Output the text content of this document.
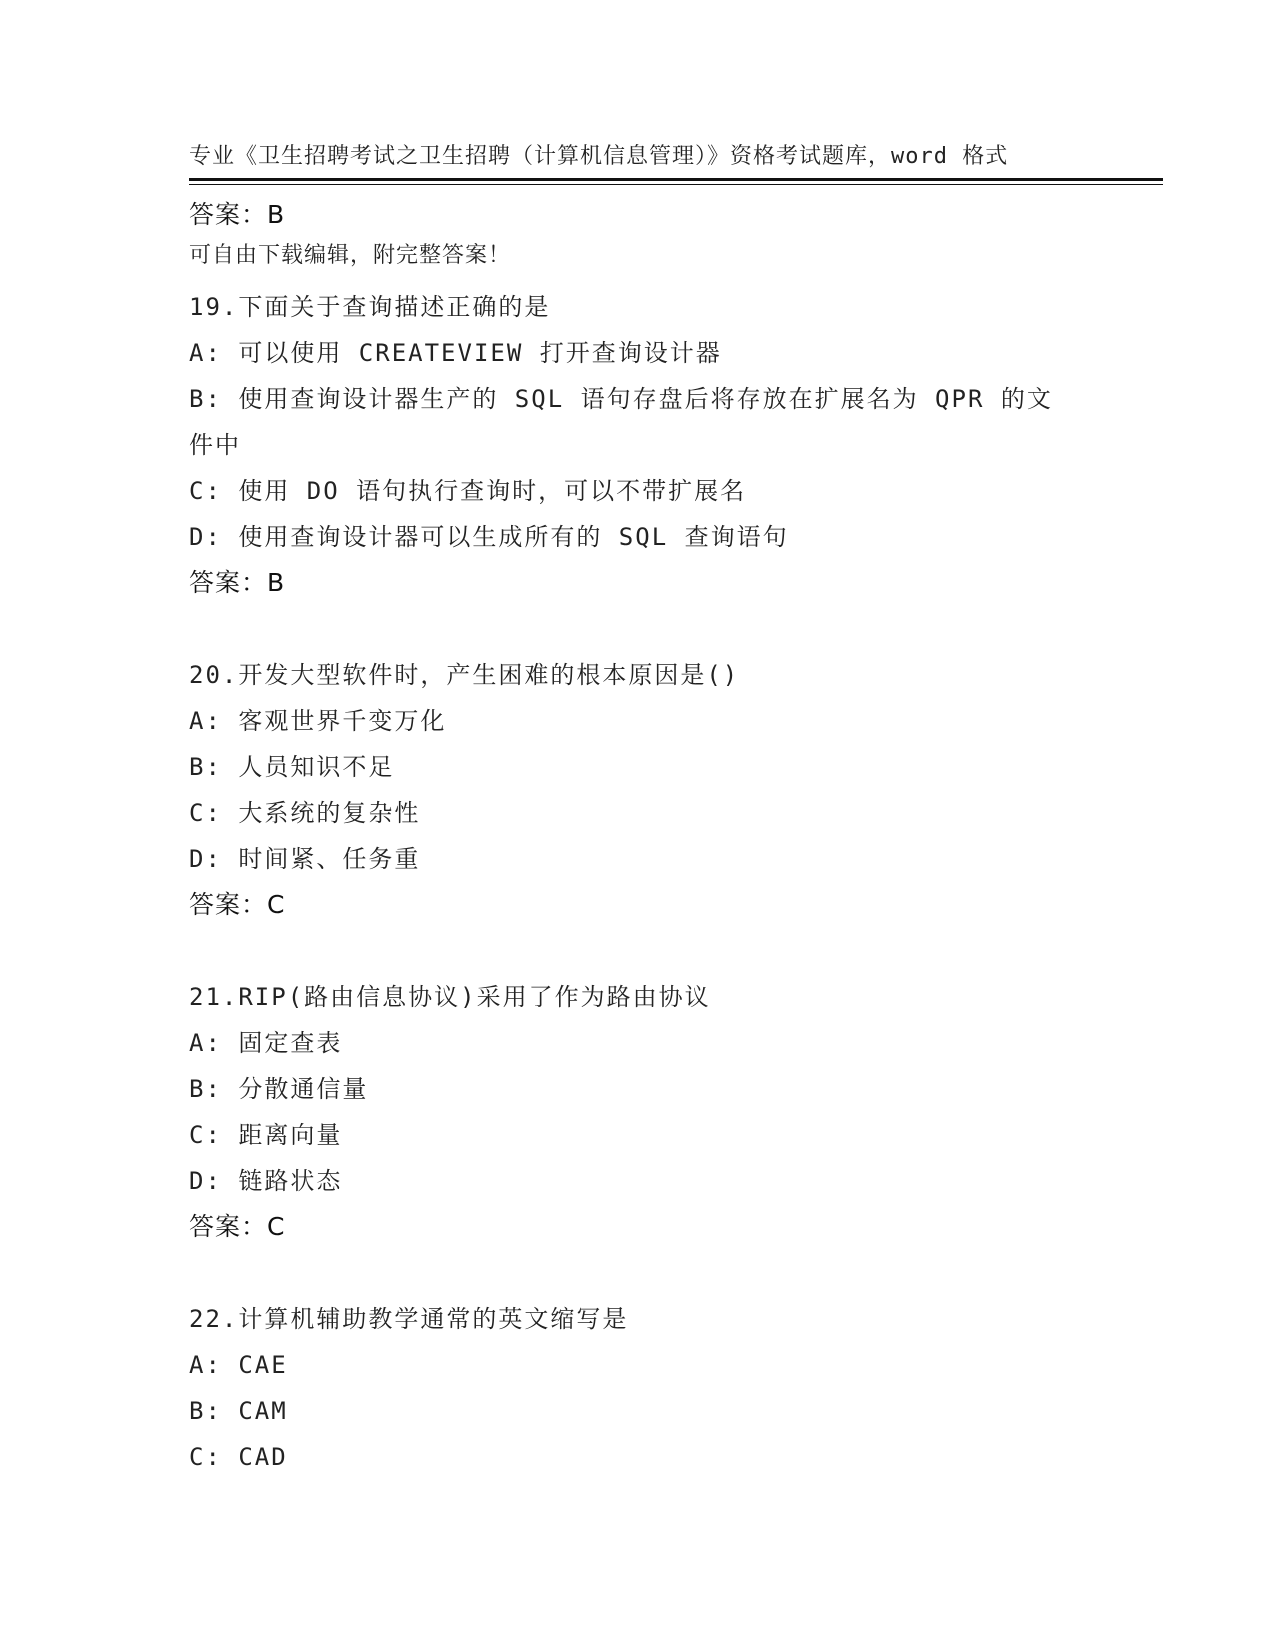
专业《卫生招聘考试之卫生招聘（计算机信息管理）》资格考试题库，word 格式

可自由下载编辑，附完整答案！

答案：B

19.下面关于查询描述正确的是

A: 可以使用 CREATEVIEW 打开查询设计器

B: 使用查询设计器生产的 SQL 语句存盘后将存放在扩展名为 QPR 的文

件中

C: 使用 DO 语句执行查询时，可以不带扩展名

D: 使用查询设计器可以生成所有的 SQL 查询语句

答案：B

20.开发大型软件时，产生困难的根本原因是()

A: 客观世界千变万化

B: 人员知识不足

C: 大系统的复杂性

D: 时间紧、任务重

答案：C

21.RIP(路由信息协议)采用了作为路由协议

A: 固定查表

B: 分散通信量

C: 距离向量

D: 链路状态

答案：C

22.计算机辅助教学通常的英文缩写是

A: CAE

B: CAM

C: CAD
